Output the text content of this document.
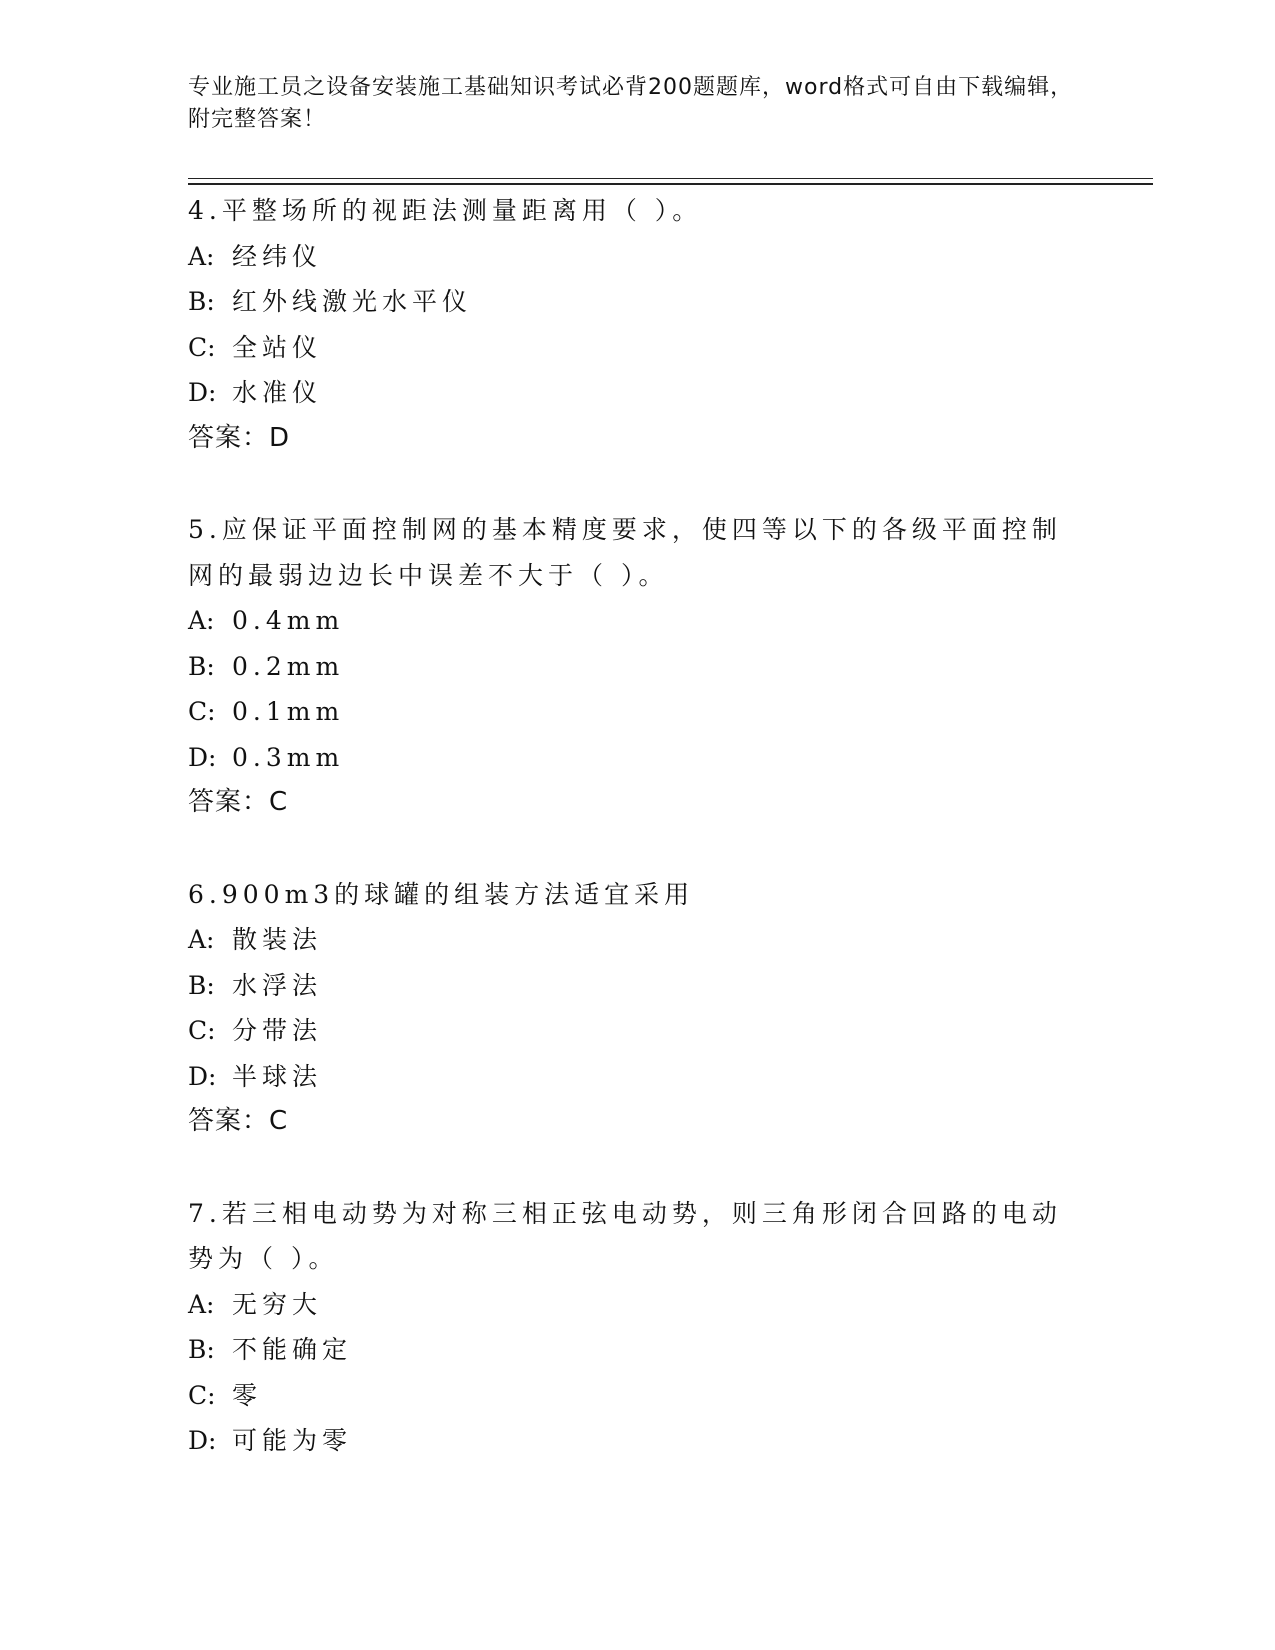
专业施工员之设备安装施工基础知识考试必背200题题库，word格式可自由下载编辑，附完整答案！
4.平整场所的视距法测量距离用（ ）。
A: 经纬仪
B: 红外线激光水平仪
C: 全站仪
D: 水准仪
答案：D
5.应保证平面控制网的基本精度要求，使四等以下的各级平面控制网的最弱边边长中误差不大于（ ）。
A: 0.4mm
B: 0.2mm
C: 0.1mm
D: 0.3mm
答案：C
6.900m3的球罐的组装方法适宜采用
A: 散装法
B: 水浮法
C: 分带法
D: 半球法
答案：C
7.若三相电动势为对称三相正弦电动势，则三角形闭合回路的电动势为（ ）。
A: 无穷大
B: 不能确定
C: 零
D: 可能为零
